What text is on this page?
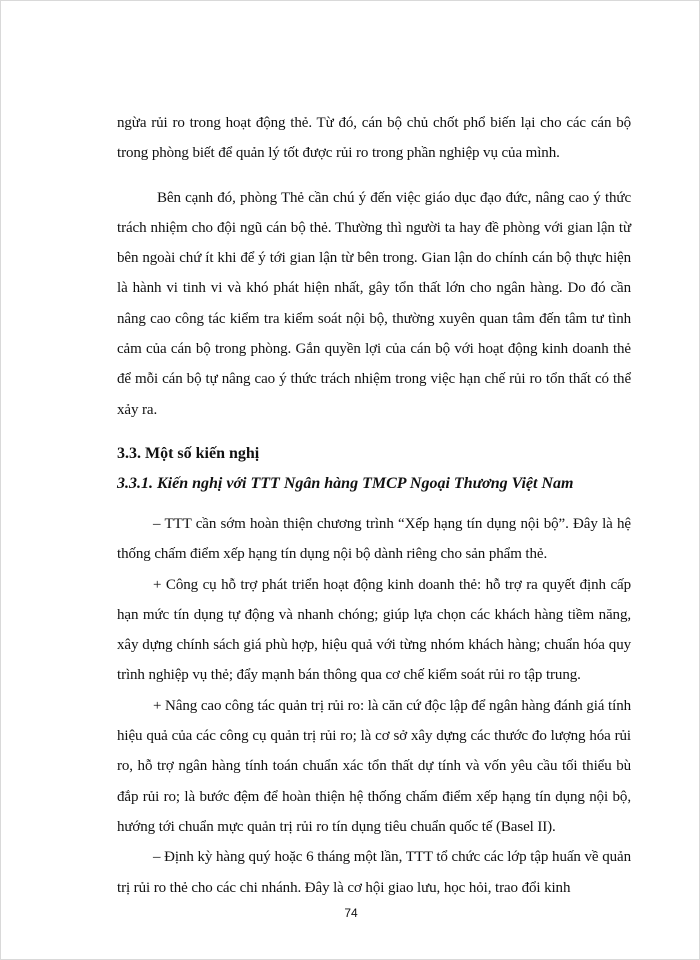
ngừa rủi ro trong hoạt động thẻ. Từ đó, cán bộ chủ chốt phổ biến lại cho các cán bộ trong phòng biết để quản lý tốt được rủi ro trong phần nghiệp vụ của mình.

Bên cạnh đó, phòng Thẻ cần chú ý đến việc giáo dục đạo đức, nâng cao ý thức trách nhiệm cho đội ngũ cán bộ thẻ. Thường thì người ta hay đề phòng với gian lận từ bên ngoài chứ ít khi để ý tới gian lận từ bên trong. Gian lận do chính cán bộ thực hiện là hành vi tinh vi và khó phát hiện nhất, gây tổn thất lớn cho ngân hàng. Do đó cần nâng cao công tác kiểm tra kiểm soát nội bộ, thường xuyên quan tâm đến tâm tư tình cảm của cán bộ trong phòng. Gắn quyền lợi của cán bộ với hoạt động kinh doanh thẻ để mỗi cán bộ tự nâng cao ý thức trách nhiệm trong việc hạn chế rủi ro tổn thất có thể xảy ra.

3.3. Một số kiến nghị
3.3.1. Kiến nghị với TTT Ngân hàng TMCP Ngoại Thương Việt Nam

– TTT cần sớm hoàn thiện chương trình “Xếp hạng tín dụng nội bộ”. Đây là hệ thống chấm điểm xếp hạng tín dụng nội bộ dành riêng cho sản phẩm thẻ.

+ Công cụ hỗ trợ phát triển hoạt động kinh doanh thẻ: hỗ trợ ra quyết định cấp hạn mức tín dụng tự động và nhanh chóng; giúp lựa chọn các khách hàng tiềm năng, xây dựng chính sách giá phù hợp, hiệu quả với từng nhóm khách hàng; chuẩn hóa quy trình nghiệp vụ thẻ; đẩy mạnh bán thông qua cơ chế kiểm soát rủi ro tập trung.

+ Nâng cao công tác quản trị rủi ro: là căn cứ độc lập để ngân hàng đánh giá tính hiệu quả của các công cụ quản trị rủi ro; là cơ sở xây dựng các thước đo lượng hóa rủi ro, hỗ trợ ngân hàng tính toán chuẩn xác tổn thất dự tính và vốn yêu cầu tối thiểu bù đắp rủi ro; là bước đệm để hoàn thiện hệ thống chấm điểm xếp hạng tín dụng nội bộ, hướng tới chuẩn mực quản trị rủi ro tín dụng tiêu chuẩn quốc tế (Basel II).

– Định kỳ hàng quý hoặc 6 tháng một lần, TTT tổ chức các lớp tập huấn về quản trị rủi ro thẻ cho các chi nhánh. Đây là cơ hội giao lưu, học hỏi, trao đổi kinh

74
